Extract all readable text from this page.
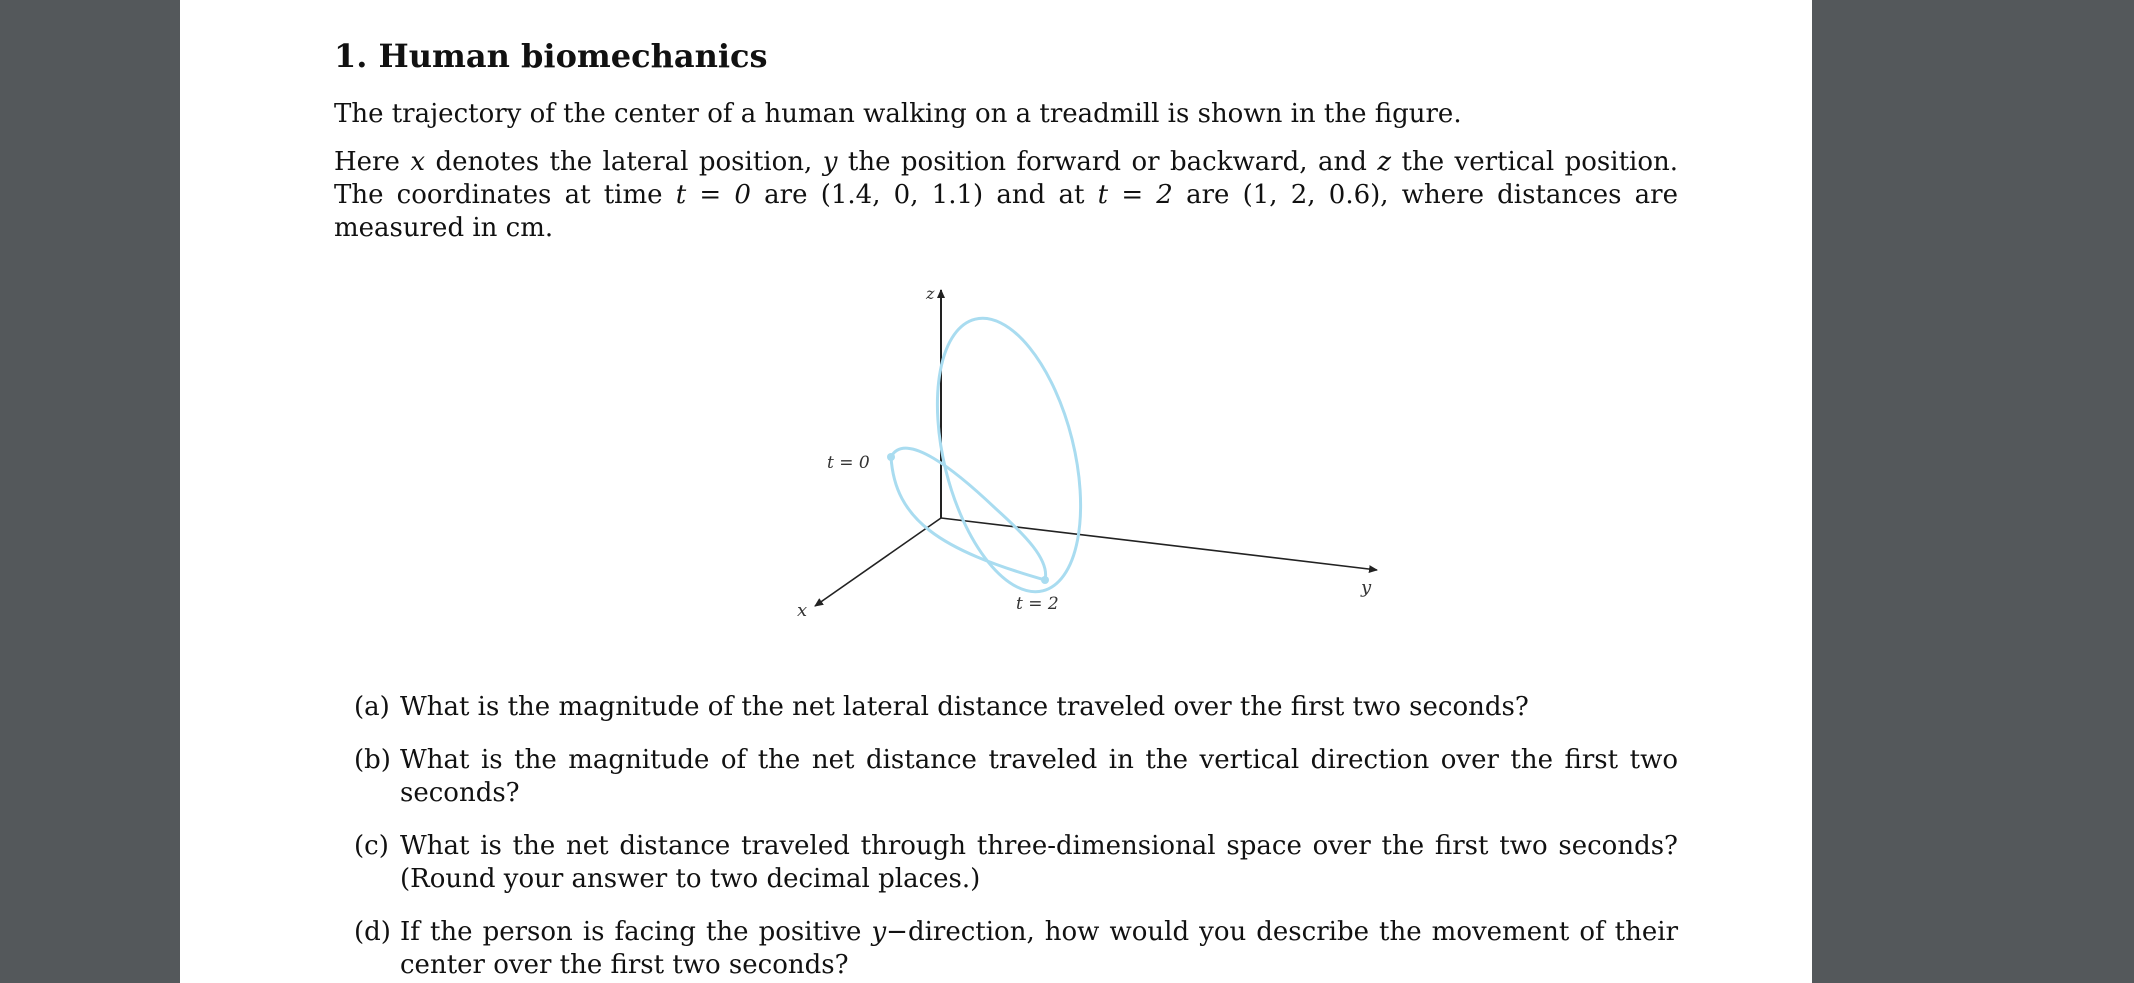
1. Human biomechanics
The trajectory of the center of a human walking on a treadmill is shown in the figure.
Here x denotes the lateral position, y the position forward or backward, and z the vertical position. The coordinates at time t = 0 are (1.4, 0, 1.1) and at t = 2 are (1, 2, 0.6), where distances are measured in cm.
z
x
y
t = 0
t = 2
(a) What is the magnitude of the net lateral distance traveled over the first two seconds?
(b) What is the magnitude of the net distance traveled in the vertical direction over the first two seconds?
(c) What is the net distance traveled through three-dimensional space over the first two seconds? (Round your answer to two decimal places.)
(d) If the person is facing the positive y−direction, how would you describe the movement of their center over the first two seconds?
